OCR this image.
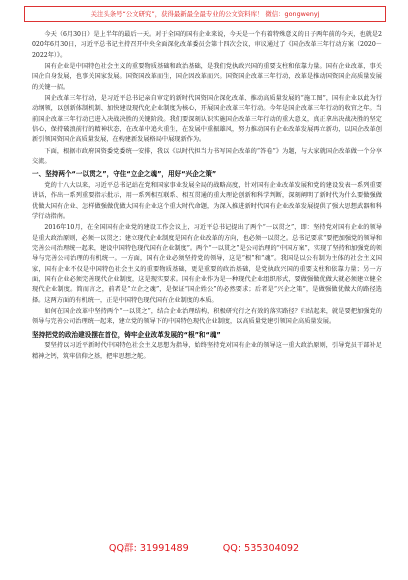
关注头条号“公文研究”，获得最新最全最专业的公文资料库！ 微信：gongwenyj

今天（6月30日）是上半年的最后一天。对于全国的国有企业来说，今天是一个有着特殊意义的日子两年前的今天，也就是2020年6月30日，习近平总书记主持召开中央全面深化改革委员会第十四次会议，审议通过了《国企改革三年行动方案（2020－2022年）》。

国有企业是中国特色社会主义的重要物质基础和政治基础，是我们党执政兴国的重要支柱和依靠力量。国有企业改革，事关国企自身发展，也事关国家发展。国资国改革而生，国企因改革而兴。国资国企改革三年行动，改革是推动国资国企高质量发展的关键一招。

国企改革三年行动，是习近平总书记亲自审定的新时代国资国企深化改革、推动高质量发展的“施工图”，国有企业以此为行动纲领，以创新体制机制、加快建设现代化企业制度为核心，开展国企改革三年行动。今年是国企改革三年行动的收官之年。当前国企改革三年行动已进入决战决胜的关键阶段。我们要深刻认识实施国企改革三年行动的重大意义，真正拿出决战决胜的坚定信心，保持破浪前行的精神状态，在改革中追火重生，在发展中重振雄风，努力推动国有企业改革发展再立新功，以国企改革创新引领国资国企高质量发展，在构建新发展格局中展现新作为。

下面，根据市政府国资委党委统一安排，我以《以时代担当力书写国企改革的“答卷”》为题，与大家就国企改革做一个分享交流。

一、坚持两个“一以贯之”，守住“立企之魂”，用好“兴企之策”

党的十八大以来，习近平总书记站在党和国家事业发展全局的战略高度，针对国有企业改革发展和党的建设发表一系列重要讲话，作出一系列重要指示批示，用一系列相互联系、相互贯通的重大理论创新和科学判断，深刻阐明了新时代为什么要做强做优做大国有企业、怎样做强做优做大国有企业这个重大时代命题，为深入推进新时代国有企业改革发展提供了强大思想武器和科学行动指南。

2016年10月，在全国国有企业党的建设工作会议上，习近平总书记提出了两个“一以贯之”，即：坚持党对国有企业的领导是重大政治原则，必须一以贯之；建立现代企业制度是国有企业改革的方向，也必须一以贯之。总书记要求“要把加强党的领导和完善公司治理统一起来，建设中国特色现代国有企业制度”。两个“一以贯之”是公司治理的“中国方案”，实现了坚持和加强党的领导与完善公司治理的有机统一。一方面，国有企业必须坚持党的领导，这是“根”和“魂”。我国是以公有制为主体的社会主义国家，国有企业不仅是中国特色社会主义的重要物质基础，更是重要的政治基础，是党执政兴国的重要支柱和依靠力量；另一方面，国有企业必须完善现代企业制度，这是现实要求。国有企业作为是一种现代企业组织形式，要做强做优做大就必须建立健全现代企业制度。简而言之，前者是“立企之魂”，是保证“国企姓公”的必然要求；后者是“兴企之策”，是做强做优做大的路径选择。这两方面的有机统一，正是中国特色现代国有企业制度的本质。

如何在国企改革中坚持两个“一以贯之”，结合企业治理结构，积极研究行之有效的落实路径？归结起来，就是要把加强党的领导与完善公司治理统一起来，建立党的领导下的中国特色现代企业制度，以高质量党建引领国企高质量发展。

坚持把党的政治建设摆在首位，铸牢企业改革发展的“根”和“魂”

要坚持以习近平新时代中国特色社会主义思想为指导，始终坚持党对国有企业的领导这一重大政治原则，引导党员干部补足精神之钙，筑牢信仰之基，把牢思想之舵。

QQ群: 31991489	QQ: 535304092
